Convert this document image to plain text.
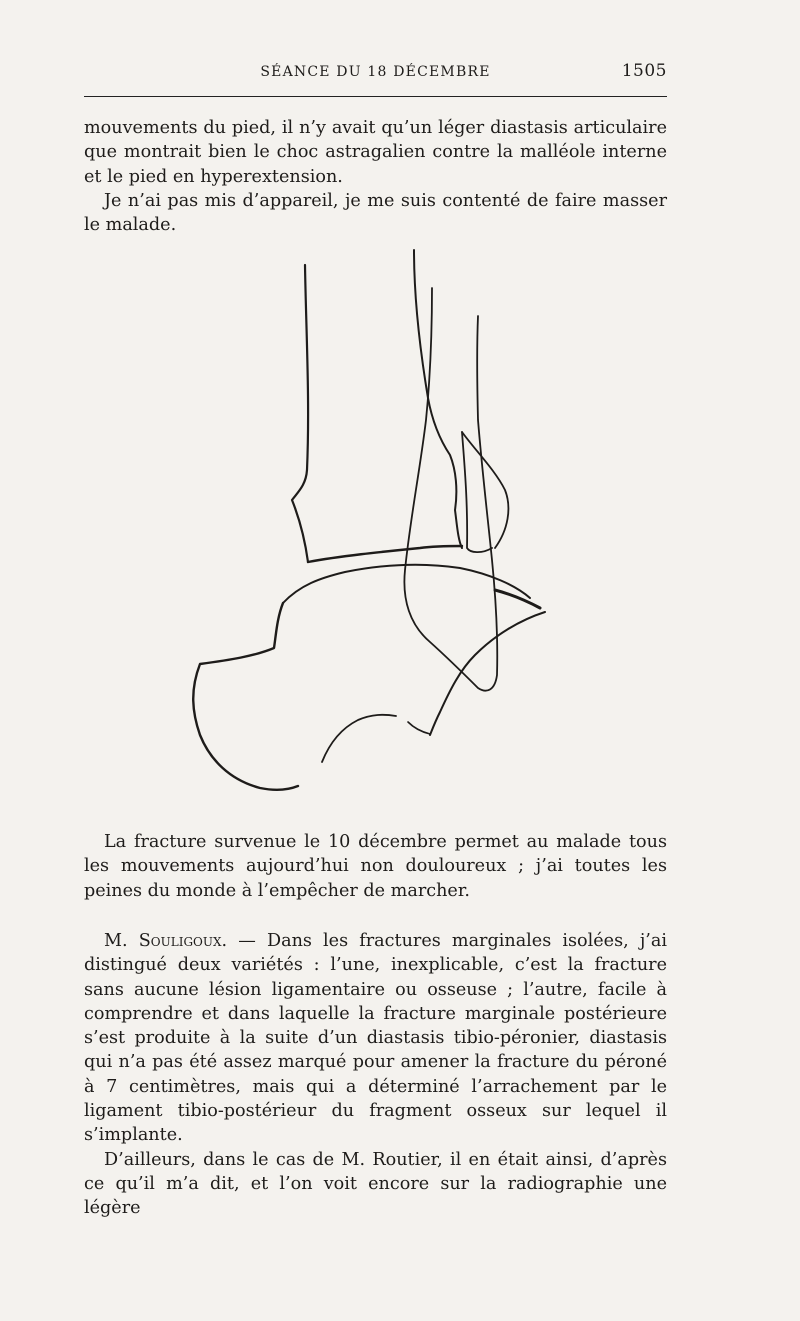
SÉANCE DU 18 DÉCEMBRE	1505

mouvements du pied, il n’y avait qu’un léger diastasis articulaire que montrait bien le choc astragalien contre la malléole interne et le pied en hyperextension.

Je n’ai pas mis d’appareil, je me suis contenté de faire masser le malade.

La fracture survenue le 10 décembre permet au malade tous les mouvements aujourd’hui non douloureux ; j’ai toutes les peines du monde à l’empêcher de marcher.

M. Souligoux. — Dans les fractures marginales isolées, j’ai distingué deux variétés : l’une, inexplicable, c’est la fracture sans aucune lésion ligamentaire ou osseuse ; l’autre, facile à comprendre et dans laquelle la fracture marginale postérieure s’est produite à la suite d’un diastasis tibio-péronier, diastasis qui n’a pas été assez marqué pour amener la fracture du péroné à 7 centimètres, mais qui a déterminé l’arrachement par le ligament tibio-postérieur du fragment osseux sur lequel il s’implante.

D’ailleurs, dans le cas de M. Routier, il en était ainsi, d’après ce qu’il m’a dit, et l’on voit encore sur la radiographie une légère
